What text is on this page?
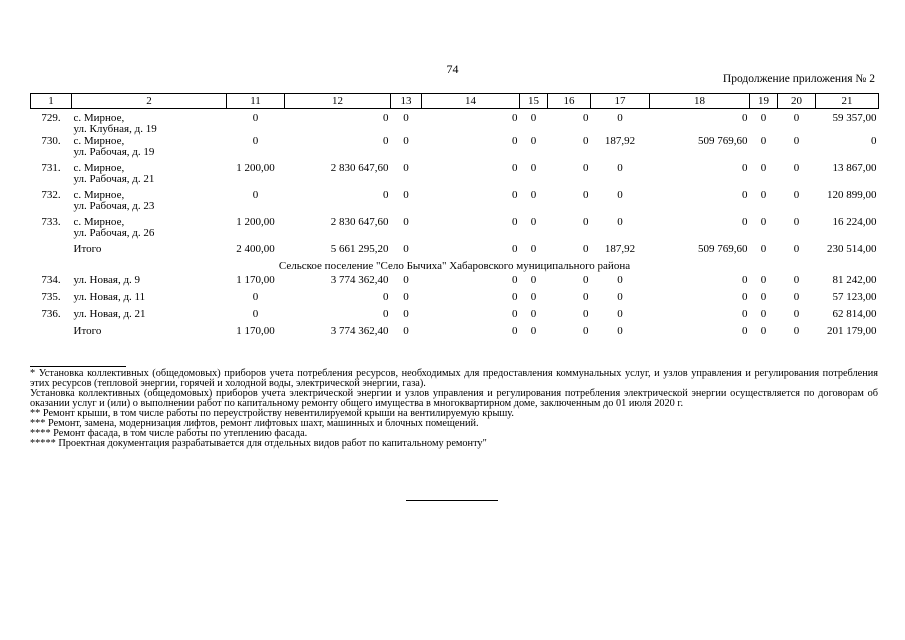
74
Продолжение приложения № 2
1	2	11	12	13	14	15	16	17	18	19	20	21
729.	с. Мирное,
ул. Клубная, д. 19	0	0	0	0	0	0	0	0	0	0	59 357,00
730.	с. Мирное,
ул. Рабочая, д. 19	0	0	0	0	0	0	187,92	509 769,60	0	0	0
731.	с. Мирное,
ул. Рабочая, д. 21	1 200,00	2 830 647,60	0	0	0	0	0	0	0	0	13 867,00
732.	с. Мирное,
ул. Рабочая, д. 23	0	0	0	0	0	0	0	0	0	0	120 899,00
733.	с. Мирное,
ул. Рабочая, д. 26	1 200,00	2 830 647,60	0	0	0	0	0	0	0	0	16 224,00
	Итого	2 400,00	5 661 295,20	0	0	0	0	187,92	509 769,60	0	0	230 514,00
Сельское поселение "Село Бычиха" Хабаровского муниципального района												
734.	ул. Новая, д. 9	1 170,00	3 774 362,40	0	0	0	0	0	0	0	0	81 242,00
735.	ул. Новая, д. 11	0	0	0	0	0	0	0	0	0	0	57 123,00
736.	ул. Новая, д. 21	0	0	0	0	0	0	0	0	0	0	62 814,00
	Итого	1 170,00	3 774 362,40	0	0	0	0	0	0	0	0	201 179,00

* Установка коллективных (общедомовых) приборов учета потребления ресурсов, необходимых для предоставления коммунальных услуг, и узлов управления и регулирования потребления этих ресурсов (тепловой энергии, горячей и холодной воды, электрической энергии, газа).

Установка коллективных (общедомовых) приборов учета электрической энергии и узлов управления и регулирования потребления электрической энергии осуществляется по договорам об оказании услуг и (или) о выполнении работ по капитальному ремонту общего имущества в многоквартирном доме, заключенным до 01 июля 2020 г.

** Ремонт крыши, в том числе работы по переустройству невентилируемой крыши на вентилируемую крышу.

*** Ремонт, замена, модернизация лифтов, ремонт лифтовых шахт, машинных и блочных помещений.

**** Ремонт фасада, в том числе работы по утеплению фасада.

***** Проектная документация разрабатывается для отдельных видов работ по капитальному ремонту"
